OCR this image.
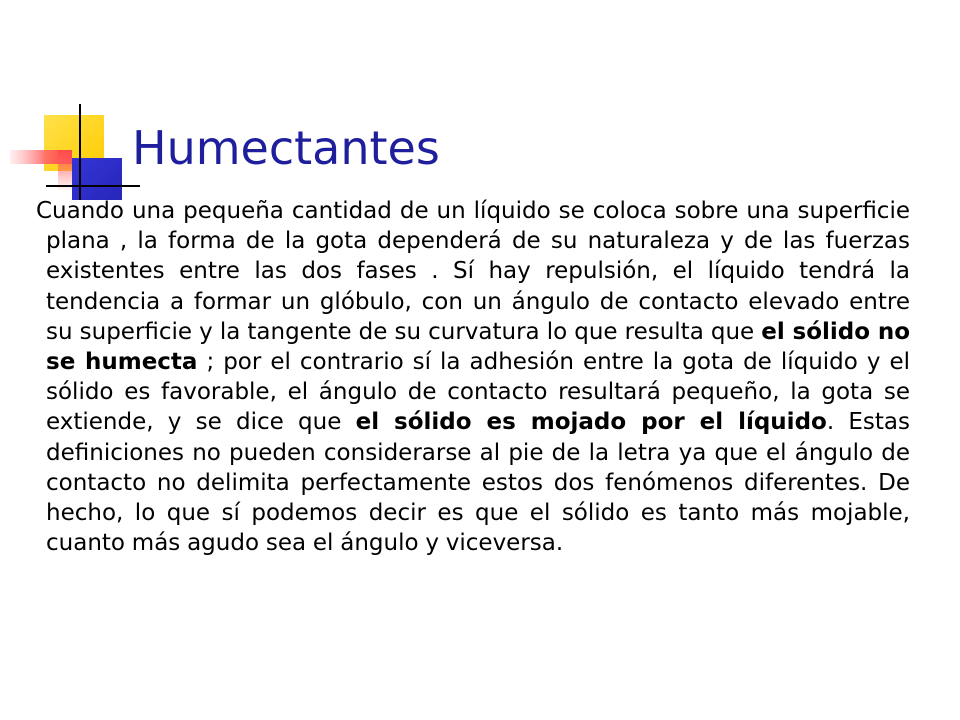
Humectantes

Cuando una pequeña cantidad de un líquido se coloca sobre una superficie plana , la forma de la gota dependerá de su naturaleza y de las fuerzas existentes entre las dos fases . Sí hay repulsión, el líquido tendrá la tendencia a formar un glóbulo, con un ángulo de contacto elevado entre su superficie y la tangente de su curvatura lo que resulta que el sólido no se humecta ; por el contrario sí la adhesión entre la gota de líquido y el sólido es favorable, el ángulo de contacto resultará pequeño, la gota se extiende, y se dice que el sólido es mojado por el líquido. Estas definiciones no pueden considerarse al pie de la letra ya que el ángulo de contacto no delimita perfectamente estos dos fenómenos diferentes. De hecho, lo que sí podemos decir es que el sólido es tanto más mojable, cuanto más agudo sea el ángulo y viceversa.
